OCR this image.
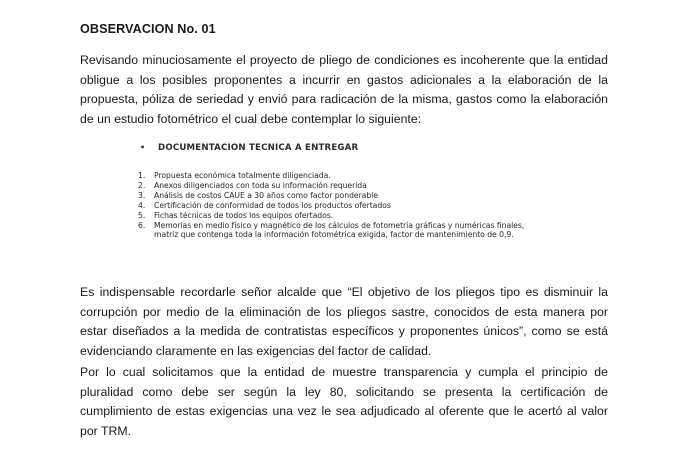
OBSERVACION No. 01

Revisando minuciosamente el proyecto de pliego de condiciones es incoherente que la entidad obligue a los posibles proponentes a incurrir en gastos adicionales a la elaboración de la propuesta, póliza de seriedad y envió para radicación de la misma, gastos como la elaboración de un estudio fotométrico el cual debe contemplar lo siguiente:

• DOCUMENTACION TECNICA A ENTREGAR
1.	Propuesta económica totalmente diligenciada.
2.	Anexos diligenciados con toda su información requerida
3.	Análisis de costos CAUE a 30 años como factor ponderable
4.	Certificación de conformidad de todos los productos ofertados
5.	Fichas técnicas de todos los equipos ofertados.
6.	Memorias en medio físico y magnético de los cálculos de fotometría gráficas y numéricas finales,
matriz que contenga toda la información fotométrica exigida, factor de mantenimiento de 0,9.

Es indispensable recordarle señor alcalde que “El objetivo de los pliegos tipo es disminuir la corrupción por medio de la eliminación de los pliegos sastre, conocidos de esta manera por estar diseñados a la medida de contratistas específicos y proponentes únicos”, como se está evidenciando claramente en las exigencias del factor de calidad.

Por lo cual solicitamos que la entidad de muestre transparencia y cumpla el principio de pluralidad como debe ser según la ley 80, solicitando se presenta la certificación de cumplimiento de estas exigencias una vez le sea adjudicado al oferente que le acertó al valor por TRM.
